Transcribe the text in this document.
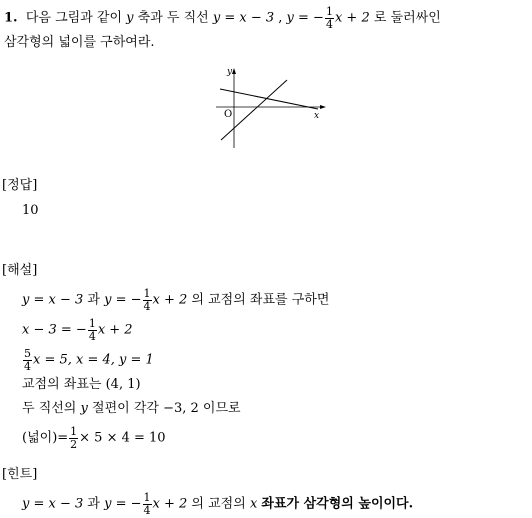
1. 다음 그림과 같이 y 축과 두 직선 y = x − 3 , y = − $\frac{1}{4}$ x + 2 로 둘러싸인
삼각형의 넓이를 구하여라.
y
x
O
[정답]
10
[해설]
y = x − 3 과 y = − $\frac{1}{4}$ x + 2 의 교점의 좌표를 구하면
x − 3 = − $\frac{1}{4}$ x + 2
$\frac{5}{4}$ x = 5, x = 4, y = 1
교점의 좌표는 (4, 1)
두 직선의 y 절편이 각각 −3, 2 이므로
(넓이)= $\frac{1}{2} \times 5 \times 4 = 10$
[힌트]
y = x − 3 과 y = − $\frac{1}{4}$ x + 2 의 교점의 x 좌표가 삼각형의 높이이다.
